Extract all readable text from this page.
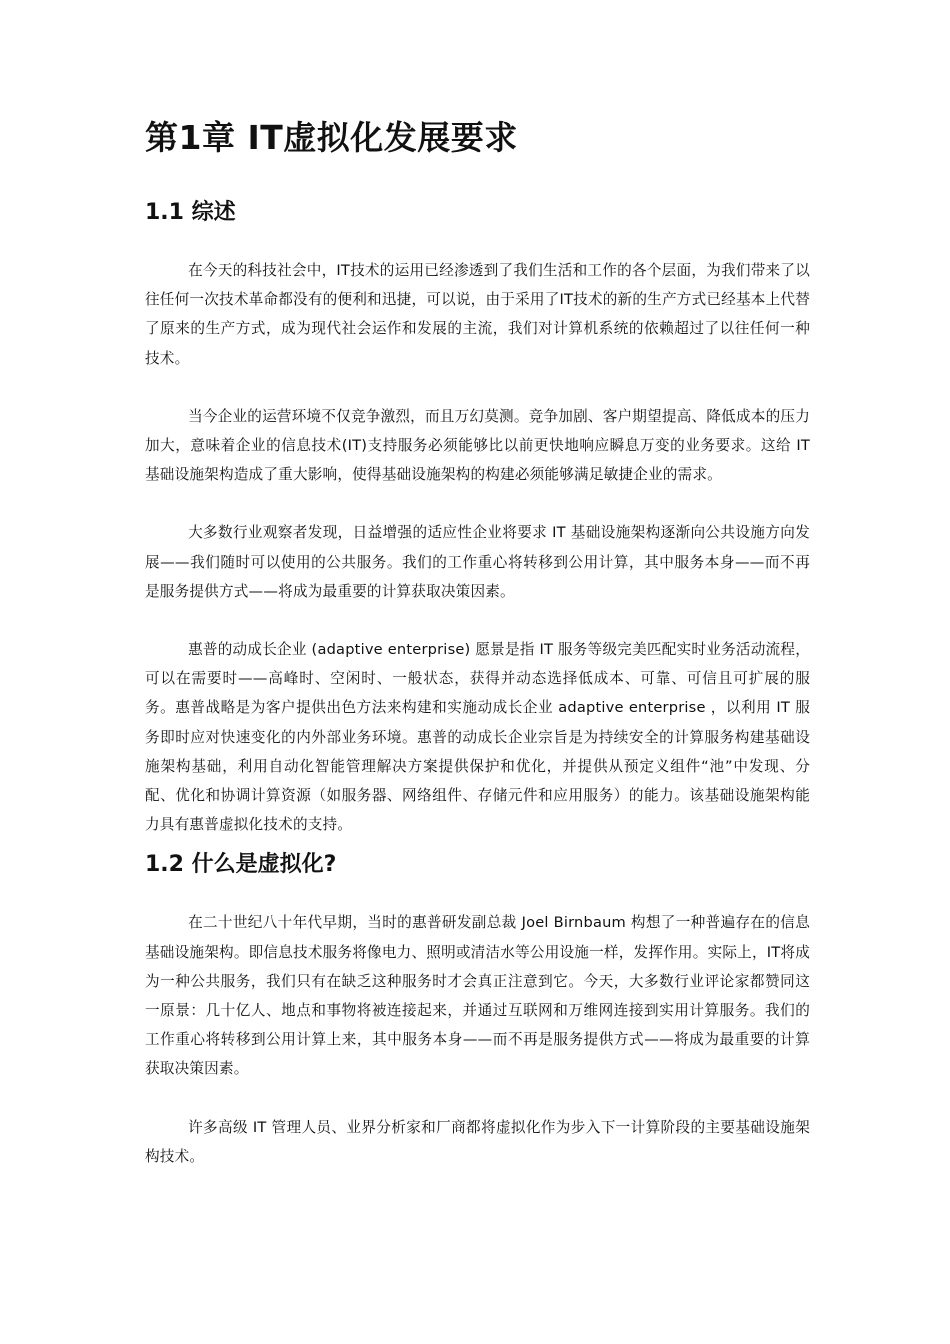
第1章 IT虚拟化发展要求
1.1 综述

在今天的科技社会中，IT技术的运用已经渗透到了我们生活和工作的各个层面，为我们带来了以往任何一次技术革命都没有的便利和迅捷，可以说，由于采用了IT技术的新的生产方式已经基本上代替了原来的生产方式，成为现代社会运作和发展的主流，我们对计算机系统的依赖超过了以往任何一种技术。

当今企业的运营环境不仅竞争激烈，而且万幻莫测。竞争加剧、客户期望提高、降低成本的压力加大，意味着企业的信息技术(IT)支持服务必须能够比以前更快地响应瞬息万变的业务要求。这给 IT 基础设施架构造成了重大影响，使得基础设施架构的构建必须能够满足敏捷企业的需求。

大多数行业观察者发现，日益增强的适应性企业将要求 IT 基础设施架构逐渐向公共设施方向发展——我们随时可以使用的公共服务。我们的工作重心将转移到公用计算，其中服务本身——而不再是服务提供方式——将成为最重要的计算获取决策因素。

惠普的动成长企业 (adaptive enterprise) 愿景是指 IT 服务等级完美匹配实时业务活动流程，可以在需要时——高峰时、空闲时、一般状态，获得并动态选择低成本、可靠、可信且可扩展的服务。惠普战略是为客户提供出色方法来构建和实施动成长企业 adaptive enterprise ，以利用 IT 服务即时应对快速变化的内外部业务环境。惠普的动成长企业宗旨是为持续安全的计算服务构建基础设施架构基础，利用自动化智能管理解决方案提供保护和优化，并提供从预定义组件“池”中发现、分配、优化和协调计算资源（如服务器、网络组件、存储元件和应用服务）的能力。该基础设施架构能力具有惠普虚拟化技术的支持。

1.2 什么是虚拟化?

在二十世纪八十年代早期，当时的惠普研发副总裁 Joel Birnbaum 构想了一种普遍存在的信息基础设施架构。即信息技术服务将像电力、照明或清洁水等公用设施一样，发挥作用。实际上，IT将成为一种公共服务，我们只有在缺乏这种服务时才会真正注意到它。今天，大多数行业评论家都赞同这一原景：几十亿人、地点和事物将被连接起来，并通过互联网和万维网连接到实用计算服务。我们的工作重心将转移到公用计算上来，其中服务本身——而不再是服务提供方式——将成为最重要的计算获取决策因素。

许多高级 IT 管理人员、业界分析家和厂商都将虚拟化作为步入下一计算阶段的主要基础设施架构技术。
